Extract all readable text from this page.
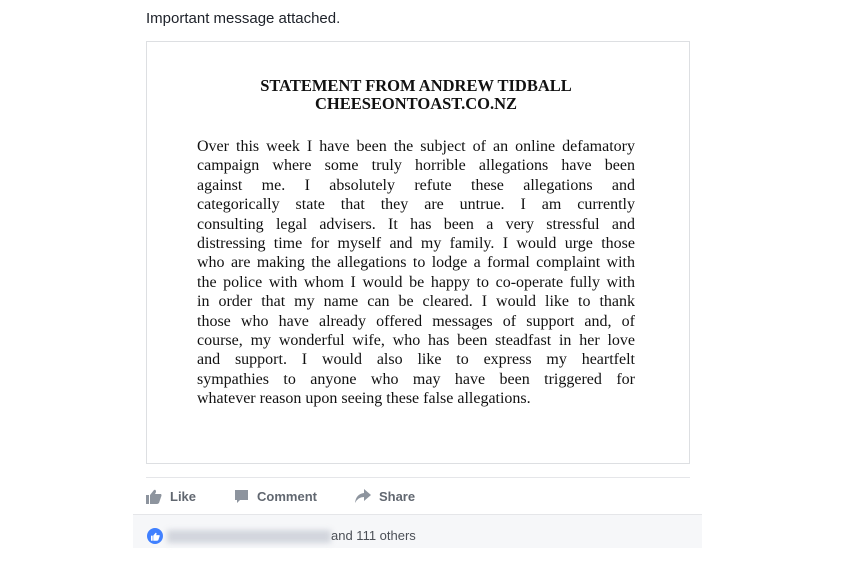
Important message attached.
STATEMENT FROM ANDREW TIDBALL
CHEESEONTOAST.CO.NZ
Over this week I have been the subject of an online defamatory
campaign where some truly horrible allegations have been
against me. I absolutely refute these allegations and
categorically state that they are untrue. I am currently
consulting legal advisers. It has been a very stressful and
distressing time for myself and my family. I would urge those
who are making the allegations to lodge a formal complaint with
the police with whom I would be happy to co-operate fully with
in order that my name can be cleared. I would like to thank
those who have already offered messages of support and, of
course, my wonderful wife, who has been steadfast in her love
and support. I would also like to express my heartfelt
sympathies to anyone who may have been triggered for
whatever reason upon seeing these false allegations.
Like	Comment	Share
and 111 others
